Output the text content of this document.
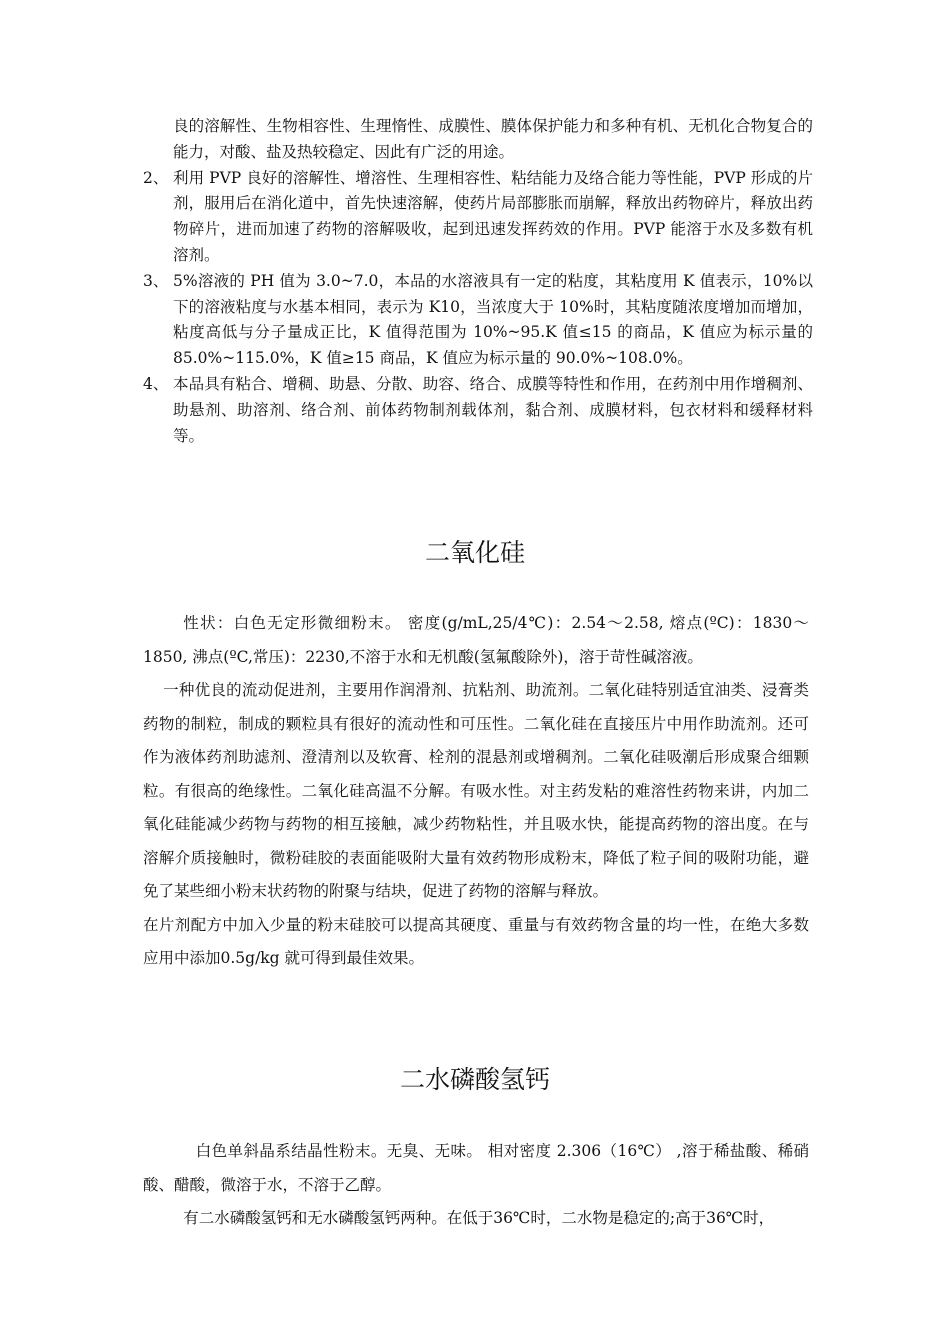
良的溶解性、生物相容性、生理惰性、成膜性、膜体保护能力和多种有机、无机化合物复合的能力，对酸、盐及热较稳定、因此有广泛的用途。
2、 利用 PVP 良好的溶解性、增溶性、生理相容性、粘结能力及络合能力等性能，PVP 形成的片剂，服用后在消化道中，首先快速溶解，使药片局部膨胀而崩解，释放出药物碎片，释放出药物碎片，进而加速了药物的溶解吸收，起到迅速发挥药效的作用。PVP 能溶于水及多数有机溶剂。
3、 5%溶液的 PH 值为 3.0~7.0，本品的水溶液具有一定的粘度，其粘度用 K 值表示，10%以下的溶液粘度与水基本相同，表示为 K10，当浓度大于 10%时，其粘度随浓度增加而增加，粘度高低与分子量成正比，K 值得范围为 10%~95.K 值≤15 的商品，K 值应为标示量的 85.0%~115.0%，K 值≥15 商品，K 值应为标示量的 90.0%~108.0%。
4、 本品具有粘合、增稠、助悬、分散、助容、络合、成膜等特性和作用，在药剂中用作增稠剂、助悬剂、助溶剂、络合剂、前体药物制剂载体剂，黏合剂、成膜材料，包衣材料和缓释材料等。
二氧化硅

性状：白色无定形微细粉末。 密度(g/mL,25/4℃)：2.54～2.58, 熔点(ºC)：1830～1850, 沸点(ºC,常压)：2230,不溶于水和无机酸(氢氟酸除外)，溶于苛性碱溶液。

一种优良的流动促进剂，主要用作润滑剂、抗粘剂、助流剂。二氧化硅特别适宜油类、浸膏类药物的制粒，制成的颗粒具有很好的流动性和可压性。二氧化硅在直接压片中用作助流剂。还可作为液体药剂助滤剂、澄清剂以及软膏、栓剂的混悬剂或增稠剂。二氧化硅吸潮后形成聚合细颗粒。有很高的绝缘性。二氧化硅高温不分解。有吸水性。对主药发粘的难溶性药物来讲，内加二氧化硅能减少药物与药物的相互接触，减少药物粘性，并且吸水快，能提高药物的溶出度。在与溶解介质接触时，微粉硅胶的表面能吸附大量有效药物形成粉末，降低了粒子间的吸附功能，避免了某些细小粉末状药物的附聚与结块，促进了药物的溶解与释放。

在片剂配方中加入少量的粉末硅胶可以提高其硬度、重量与有效药物含量的均一性，在绝大多数应用中添加0.5g/kg 就可得到最佳效果。

二水磷酸氢钙

白色单斜晶系结晶性粉末。无臭、无味。 相对密度 2.306（16℃） ,溶于稀盐酸、稀硝酸、醋酸，微溶于水，不溶于乙醇。

有二水磷酸氢钙和无水磷酸氢钙两种。在低于36℃时，二水物是稳定的;高于36℃时，
